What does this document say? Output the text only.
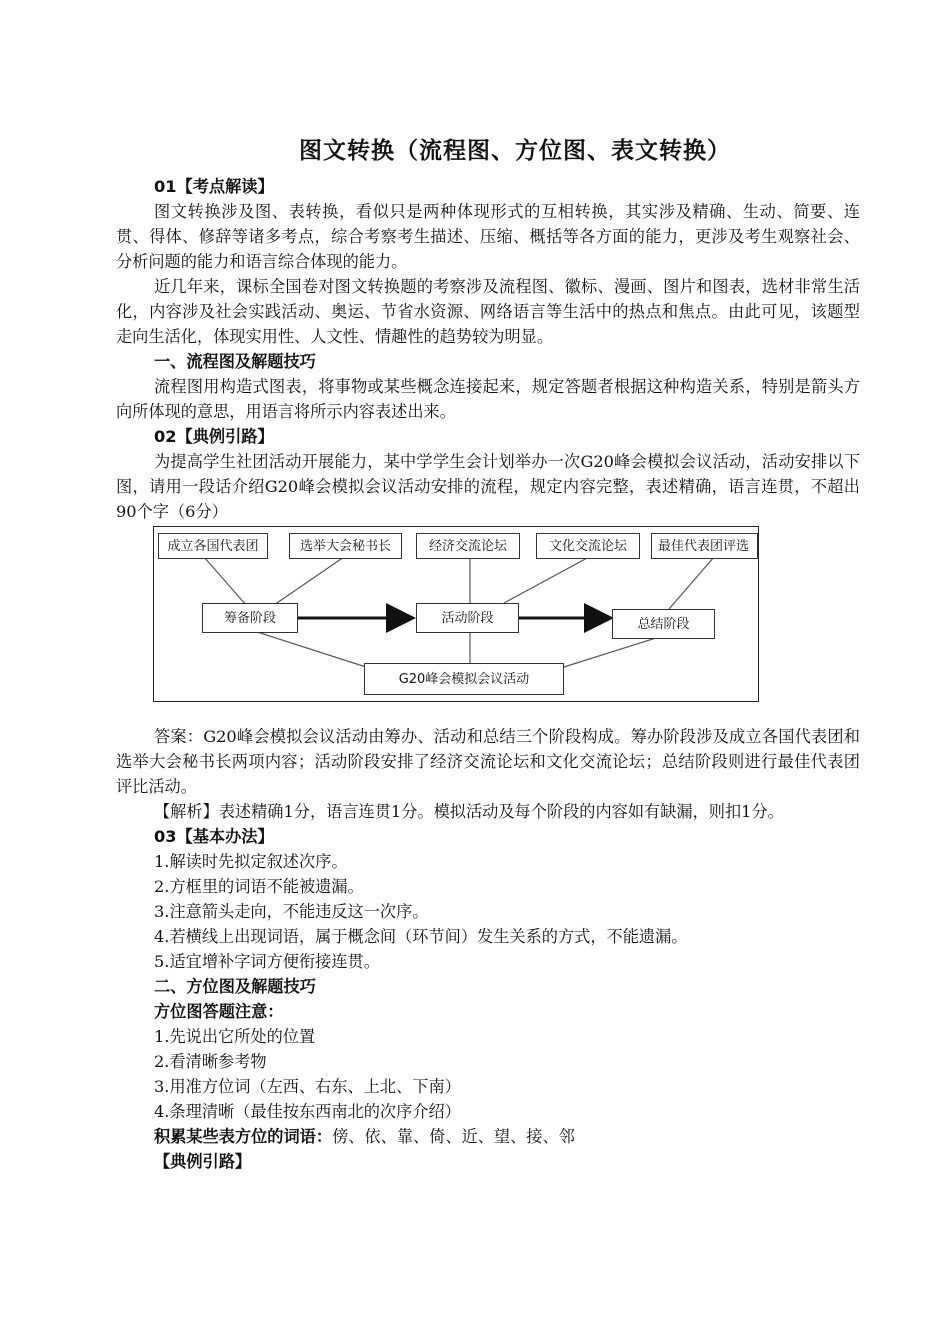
图文转换（流程图、方位图、表文转换）

01【考点解读】

图文转换涉及图、表转换，看似只是两种体现形式的互相转换，其实涉及精确、生动、简要、连贯、得体、修辞等诸多考点，综合考察考生描述、压缩、概括等各方面的能力，更涉及考生观察社会、分析问题的能力和语言综合体现的能力。

近几年来，课标全国卷对图文转换题的考察涉及流程图、徽标、漫画、图片和图表，选材非常生活化，内容涉及社会实践活动、奥运、节省水资源、网络语言等生活中的热点和焦点。由此可见，该题型走向生活化，体现实用性、人文性、情趣性的趋势较为明显。

一、流程图及解题技巧

流程图用构造式图表，将事物或某些概念连接起来，规定答题者根据这种构造关系，特别是箭头方向所体现的意思，用语言将所示内容表述出来。

02【典例引路】

为提高学生社团活动开展能力，某中学学生会计划举办一次G20峰会模拟会议活动，活动安排以下图，请用一段话介绍G20峰会模拟会议活动安排的流程，规定内容完整，表述精确，语言连贯，不超出90个字（6分）

成立各国代表团	选举大会秘书长	经济交流论坛	文化交流论坛	最佳代表团评选
筹备阶段	活动阶段	总结阶段
G20峰会模拟会议活动

答案：G20峰会模拟会议活动由筹办、活动和总结三个阶段构成。筹办阶段涉及成立各国代表团和选举大会秘书长两项内容；活动阶段安排了经济交流论坛和文化交流论坛；总结阶段则进行最佳代表团评比活动。

【解析】表述精确1分，语言连贯1分。模拟活动及每个阶段的内容如有缺漏，则扣1分。

03【基本办法】

1.解读时先拟定叙述次序。

2.方框里的词语不能被遗漏。

3.注意箭头走向，不能违反这一次序。

4.若横线上出现词语，属于概念间（环节间）发生关系的方式，不能遗漏。

5.适宜增补字词方便衔接连贯。

二、方位图及解题技巧

方位图答题注意：

1.先说出它所处的位置

2.看清晰参考物

3.用准方位词（左西、右东、上北、下南）

4.条理清晰（最佳按东西南北的次序介绍）

积累某些表方位的词语：傍、依、靠、倚、近、望、接、邻

【典例引路】
